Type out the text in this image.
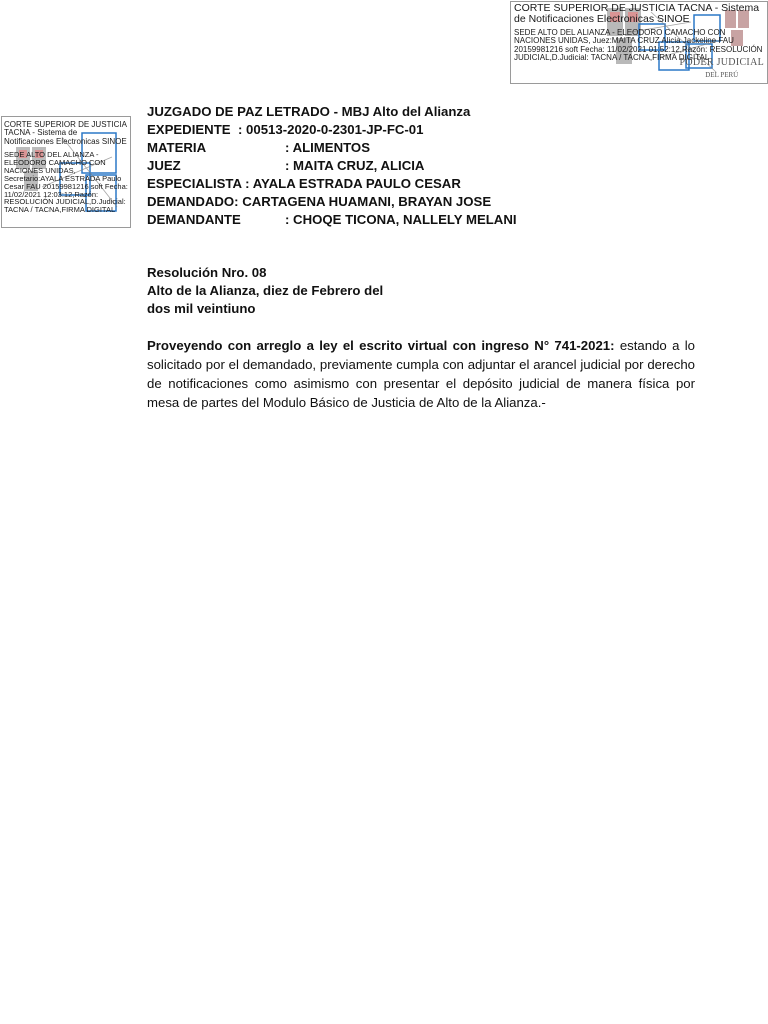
CORTE SUPERIOR DE JUSTICIA TACNA - Sistema de Notificaciones Electronicas SINOE
SEDE ALTO DEL ALIANZA - ELEODORO CAMACHO CON NACIONES UNIDAS, Juez:MAITA CRUZ Alicia Jackeline FAU 20159981216 soft Fecha: 11/02/2021 01:52:12,Razón: RESOLUCIÓN JUDICIAL,D.Judicial: TACNA / TACNA,FIRMA DIGITAL
PODER JUDICIAL
DEL PERÚ
CORTE SUPERIOR DE JUSTICIA TACNA - Sistema de Notificaciones Electronicas SINOE
SEDE ALTO DEL ALIANZA - ELEODORO CAMACHO CON NACIONES UNIDAS, Secretario:AYALA ESTRADA Paulo Cesar FAU 20159981216 soft Fecha: 11/02/2021 12:03:12,Razón: RESOLUCIÓN JUDICIAL,D.Judicial: TACNA / TACNA,FIRMA DIGITAL
JUZGADO DE PAZ LETRADO - MBJ Alto del Alianza
EXPEDIENTE : 00513-2020-0-2301-JP-FC-01
MATERIA	: ALIMENTOS
JUEZ	: MAITA CRUZ, ALICIA
ESPECIALISTA : AYALA ESTRADA PAULO CESAR
DEMANDADO: CARTAGENA HUAMANI, BRAYAN JOSE
DEMANDANTE	: CHOQE TICONA, NALLELY MELANI
Resolución Nro. 08
Alto de la Alianza, diez de Febrero del
dos mil veintiuno
Proveyendo con arreglo a ley el escrito virtual con ingreso N° 741-2021: estando a lo solicitado por el demandado, previamente cumpla con adjuntar el arancel judicial por derecho de notificaciones como asimismo con presentar el depósito judicial de manera física por mesa de partes del Modulo Básico de Justicia de Alto de la Alianza.-
